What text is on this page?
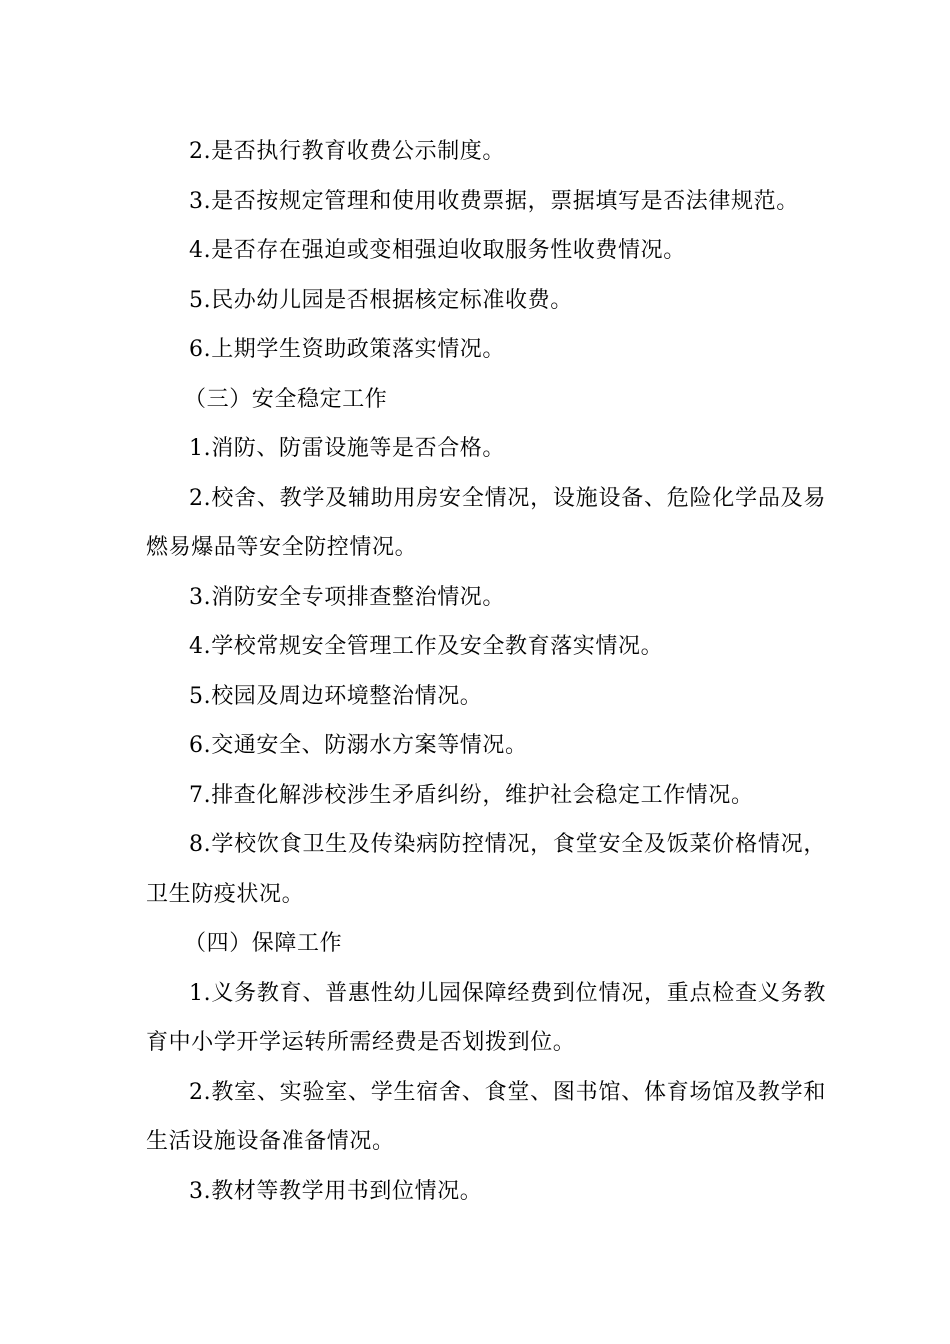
2.是否执行教育收费公示制度。

3.是否按规定管理和使用收费票据，票据填写是否法律规范。

4.是否存在强迫或变相强迫收取服务性收费情况。

5.民办幼儿园是否根据核定标准收费。

6.上期学生资助政策落实情况。

（三）安全稳定工作

1.消防、防雷设施等是否合格。

2.校舍、教学及辅助用房安全情况，设施设备、危险化学品及易燃易爆品等安全防控情况。

3.消防安全专项排查整治情况。

4.学校常规安全管理工作及安全教育落实情况。

5.校园及周边环境整治情况。

6.交通安全、防溺水方案等情况。

7.排查化解涉校涉生矛盾纠纷，维护社会稳定工作情况。

8.学校饮食卫生及传染病防控情况，食堂安全及饭菜价格情况，卫生防疫状况。

（四）保障工作

1.义务教育、普惠性幼儿园保障经费到位情况，重点检查义务教育中小学开学运转所需经费是否划拨到位。

2.教室、实验室、学生宿舍、食堂、图书馆、体育场馆及教学和生活设施设备准备情况。

3.教材等教学用书到位情况。
